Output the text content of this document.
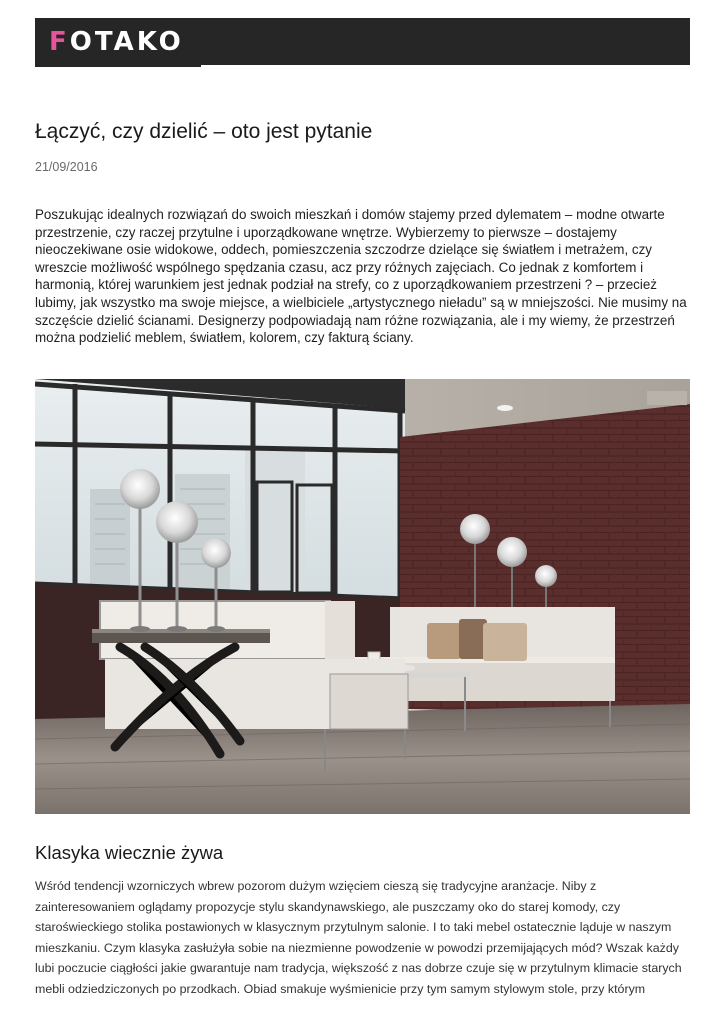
FOTAKO
Łączyć, czy dzielić – oto jest pytanie
21/09/2016

Poszukując idealnych rozwiązań do swoich mieszkań i domów stajemy przed dylematem – modne otwarte przestrzenie, czy raczej przytulne i uporządkowane wnętrze. Wybierzemy to pierwsze – dostajemy nieoczekiwane osie widokowe, oddech, pomieszczenia szczodrze dzielące się światłem i metrażem, czy wreszcie możliwość wspólnego spędzania czasu, acz przy różnych zajęciach. Co jednak z komfortem i harmonią, której warunkiem jest jednak podział na strefy, co z uporządkowaniem przestrzeni ? – przecież lubimy, jak wszystko ma swoje miejsce, a wielbiciele „artystycznego nieładu” są w mniejszości. Nie musimy na szczęście dzielić ścianami. Designerzy podpowiadają nam różne rozwiązania, ale i my wiemy, że przestrzeń można podzielić meblem, światłem, kolorem, czy fakturą ściany.

Klasyka wiecznie żywa

Wśród tendencji wzorniczych wbrew pozorom dużym wzięciem cieszą się tradycyjne aranżacje. Niby z zainteresowaniem oglądamy propozycje stylu skandynawskiego, ale puszczamy oko do starej komody, czy staroświeckiego stolika postawionych w klasycznym przytulnym salonie. I to taki mebel ostatecznie ląduje w naszym mieszkaniu. Czym klasyka zasłużyła sobie na niezmienne powodzenie w powodzi przemijających mód? Wszak każdy lubi poczucie ciągłości jakie gwarantuje nam tradycja, większość z nas dobrze czuje się w przytulnym klimacie starych mebli odziedziczonych po przodkach. Obiad smakuje wyśmienicie przy tym samym stylowym stole, przy którym
